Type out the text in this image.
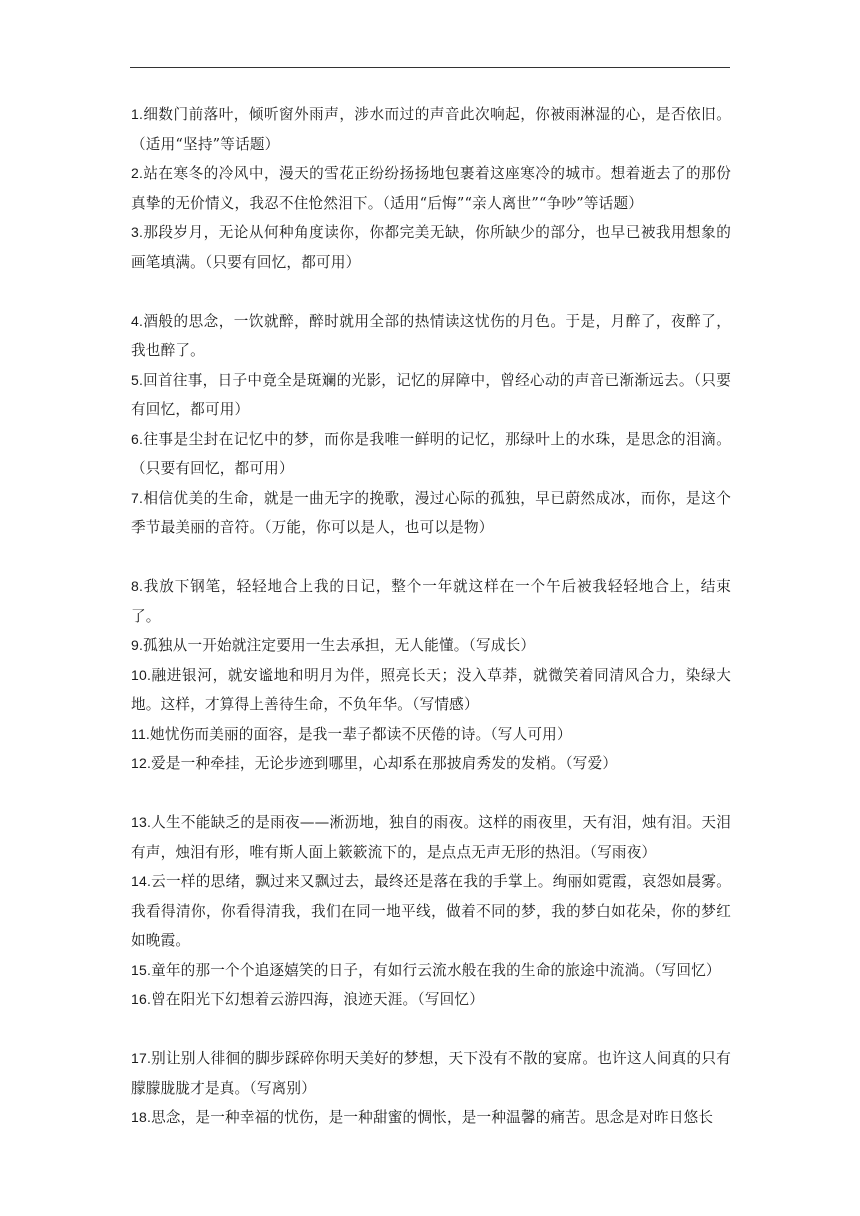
1.细数门前落叶，倾听窗外雨声，涉水而过的声音此次响起，你被雨淋湿的心，是否依旧。（适用“坚持”等话题）

2.站在寒冬的冷风中，漫天的雪花正纷纷扬扬地包裹着这座寒冷的城市。想着逝去了的那份真挚的无价情义，我忍不住怆然泪下。（适用“后悔”“亲人离世”“争吵”等话题）

3.那段岁月，无论从何种角度读你，你都完美无缺，你所缺少的部分，也早已被我用想象的画笔填满。（只要有回忆，都可用）

4.酒般的思念，一饮就醉，醉时就用全部的热情读这忧伤的月色。于是，月醉了，夜醉了，我也醉了。

5.回首往事，日子中竟全是斑斓的光影，记忆的屏障中，曾经心动的声音已渐渐远去。（只要有回忆，都可用）

6.往事是尘封在记忆中的梦，而你是我唯一鲜明的记忆，那绿叶上的水珠，是思念的泪滴。（只要有回忆，都可用）

7.相信优美的生命，就是一曲无字的挽歌，漫过心际的孤独，早已蔚然成冰，而你，是这个季节最美丽的音符。（万能，你可以是人，也可以是物）

8.我放下钢笔，轻轻地合上我的日记，整个一年就这样在一个午后被我轻轻地合上，结束了。

9.孤独从一开始就注定要用一生去承担，无人能懂。（写成长）

10.融进银河，就安谧地和明月为伴，照亮长天；没入草莽，就微笑着同清风合力，染绿大地。这样，才算得上善待生命，不负年华。（写情感）

11.她忧伤而美丽的面容，是我一辈子都读不厌倦的诗。（写人可用）

12.爱是一种牵挂，无论步迹到哪里，心却系在那披肩秀发的发梢。（写爱）

13.人生不能缺乏的是雨夜——淅沥地，独自的雨夜。这样的雨夜里，天有泪，烛有泪。天泪有声，烛泪有形，唯有斯人面上簌簌流下的，是点点无声无形的热泪。（写雨夜）

14.云一样的思绪，飘过来又飘过去，最终还是落在我的手掌上。绚丽如霓霞，哀怨如晨雾。我看得清你，你看得清我，我们在同一地平线，做着不同的梦，我的梦白如花朵，你的梦红如晚霞。

15.童年的那一个个追逐嬉笑的日子，有如行云流水般在我的生命的旅途中流淌。（写回忆）

16.曾在阳光下幻想着云游四海，浪迹天涯。（写回忆）

17.别让别人徘徊的脚步踩碎你明天美好的梦想，天下没有不散的宴席。也许这人间真的只有朦朦胧胧才是真。（写离别）

18.思念，是一种幸福的忧伤，是一种甜蜜的惆怅，是一种温馨的痛苦。思念是对昨日悠长
